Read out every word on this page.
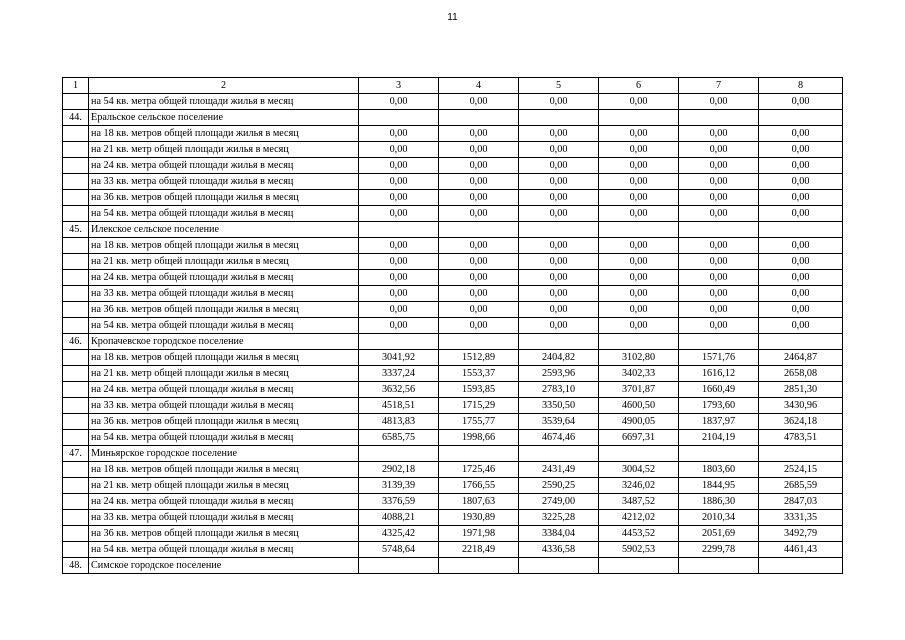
11
1	2	3	4	5	6	7	8
	на 54 кв. метра общей площади жилья в месяц	0,00	0,00	0,00	0,00	0,00	0,00
44.	Еральское сельское поселение						
	на 18 кв. метров общей площади жилья в месяц	0,00	0,00	0,00	0,00	0,00	0,00
	на 21 кв. метр общей площади жилья в месяц	0,00	0,00	0,00	0,00	0,00	0,00
	на 24 кв. метра общей площади жилья в месяц	0,00	0,00	0,00	0,00	0,00	0,00
	на 33 кв. метра общей площади жилья в месяц	0,00	0,00	0,00	0,00	0,00	0,00
	на 36 кв. метров общей площади жилья в месяц	0,00	0,00	0,00	0,00	0,00	0,00
	на 54 кв. метра общей площади жилья в месяц	0,00	0,00	0,00	0,00	0,00	0,00
45.	Илекское сельское поселение						
	на 18 кв. метров общей площади жилья в месяц	0,00	0,00	0,00	0,00	0,00	0,00
	на 21 кв. метр общей площади жилья в месяц	0,00	0,00	0,00	0,00	0,00	0,00
	на 24 кв. метра общей площади жилья в месяц	0,00	0,00	0,00	0,00	0,00	0,00
	на 33 кв. метра общей площади жилья в месяц	0,00	0,00	0,00	0,00	0,00	0,00
	на 36 кв. метров общей площади жилья в месяц	0,00	0,00	0,00	0,00	0,00	0,00
	на 54 кв. метра общей площади жилья в месяц	0,00	0,00	0,00	0,00	0,00	0,00
46.	Кропачевское городское поселение						
	на 18 кв. метров общей площади жилья в месяц	3041,92	1512,89	2404,82	3102,80	1571,76	2464,87
	на 21 кв. метр общей площади жилья в месяц	3337,24	1553,37	2593,96	3402,33	1616,12	2658,08
	на 24 кв. метра общей площади жилья в месяц	3632,56	1593,85	2783,10	3701,87	1660,49	2851,30
	на 33 кв. метра общей площади жилья в месяц	4518,51	1715,29	3350,50	4600,50	1793,60	3430,96
	на 36 кв. метров общей площади жилья в месяц	4813,83	1755,77	3539,64	4900,05	1837,97	3624,18
	на 54 кв. метра общей площади жилья в месяц	6585,75	1998,66	4674,46	6697,31	2104,19	4783,51
47.	Миньярское городское поселение						
	на 18 кв. метров общей площади жилья в месяц	2902,18	1725,46	2431,49	3004,52	1803,60	2524,15
	на 21 кв. метр общей площади жилья в месяц	3139,39	1766,55	2590,25	3246,02	1844,95	2685,59
	на 24 кв. метра общей площади жилья в месяц	3376,59	1807,63	2749,00	3487,52	1886,30	2847,03
	на 33 кв. метра общей площади жилья в месяц	4088,21	1930,89	3225,28	4212,02	2010,34	3331,35
	на 36 кв. метров общей площади жилья в месяц	4325,42	1971,98	3384,04	4453,52	2051,69	3492,79
	на 54 кв. метра общей площади жилья в месяц	5748,64	2218,49	4336,58	5902,53	2299,78	4461,43
48.	Симское городское поселение						
